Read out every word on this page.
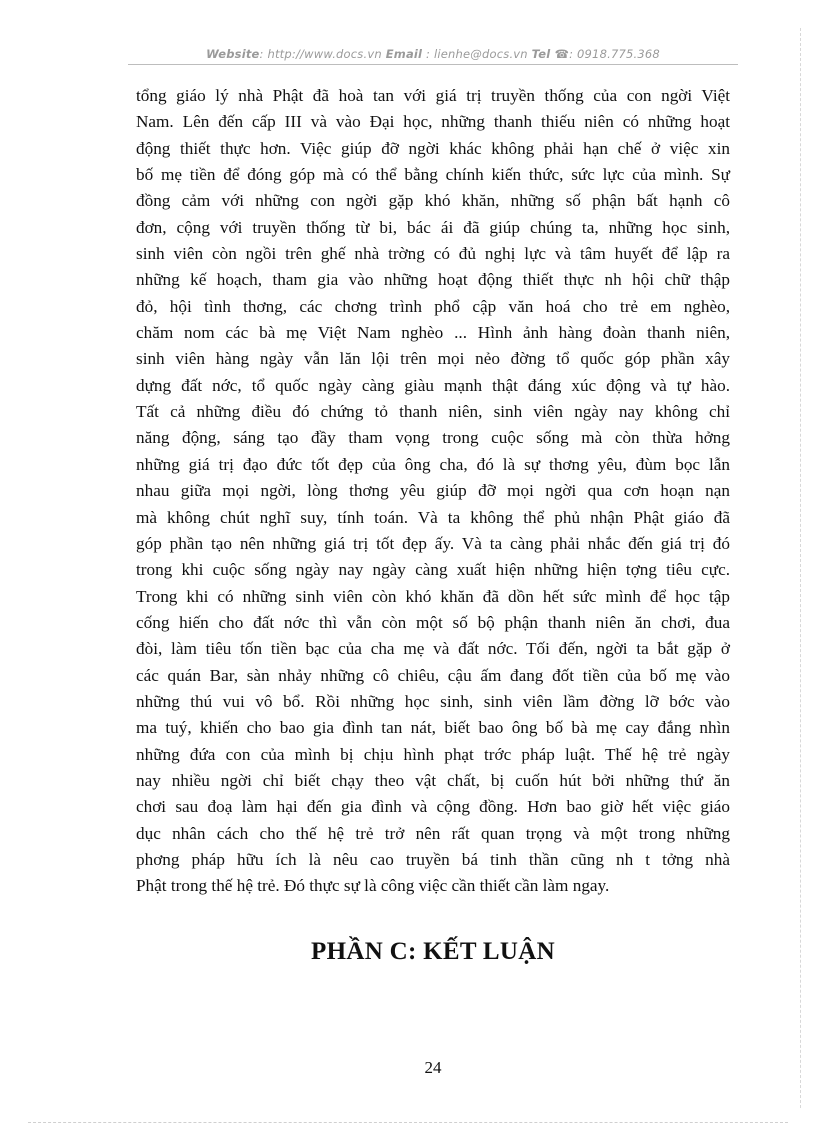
Website: http://www.docs.vn Email : lienhe@docs.vn Tel ☎: 0918.775.368
tổng giáo lý nhà Phật đã hoà tan với giá trị truyền thống của con ngời Việt
Nam. Lên đến cấp III và vào Đại học, những thanh thiếu niên có những hoạt
động thiết thực hơn. Việc giúp đỡ ngời khác không phải hạn chế ở việc xin
bố mẹ tiền để đóng góp mà có thể bằng chính kiến thức, sức lực của mình. Sự
đồng cảm với những con ngời gặp khó khăn, những số phận bất hạnh cô
đơn, cộng với truyền thống từ bi, bác ái đã giúp chúng ta, những học sinh,
sinh viên còn ngồi trên ghế nhà trờng có đủ nghị lực và tâm huyết để lập ra
những kế hoạch, tham gia vào những hoạt động thiết thực nh hội chữ thập
đỏ, hội tình thơng, các chơng trình phổ cập văn hoá cho trẻ em nghèo,
chăm nom các bà mẹ Việt Nam nghèo ... Hình ảnh hàng đoàn thanh niên,
sinh viên hàng ngày vẫn lăn lội trên mọi nẻo đờng tổ quốc góp phần xây
dựng đất nớc, tổ quốc ngày càng giàu mạnh thật đáng xúc động và tự hào.
Tất cả những điều đó chứng tỏ thanh niên, sinh viên ngày nay không chỉ
năng động, sáng tạo đầy tham vọng trong cuộc sống mà còn thừa hởng
những giá trị đạo đức tốt đẹp của ông cha, đó là sự thơng yêu, đùm bọc lẫn
nhau giữa mọi ngời, lòng thơng yêu giúp đỡ mọi ngời qua cơn hoạn nạn
mà không chút nghĩ suy, tính toán. Và ta không thể phủ nhận Phật giáo đã
góp phần tạo nên những giá trị tốt đẹp ấy. Và ta càng phải nhắc đến giá trị đó
trong khi cuộc sống ngày nay ngày càng xuất hiện những hiện tợng tiêu cực.
Trong khi có những sinh viên còn khó khăn đã dồn hết sức mình để học tập
cống hiến cho đất nớc thì vẫn còn một số bộ phận thanh niên ăn chơi, đua
đòi, làm tiêu tốn tiền bạc của cha mẹ và đất nớc. Tối đến, ngời ta bắt gặp ở
các quán Bar, sàn nhảy những cô chiêu, cậu ấm đang đốt tiền của bố mẹ vào
những thú vui vô bổ. Rồi những học sinh, sinh viên lầm đờng lỡ bớc vào
ma tuý, khiến cho bao gia đình tan nát, biết bao ông bố bà mẹ cay đắng nhìn
những đứa con của mình bị chịu hình phạt trớc pháp luật. Thế hệ trẻ ngày
nay nhiều ngời chỉ biết chạy theo vật chất, bị cuốn hút bởi những thứ ăn
chơi sau đoạ làm hại đến gia đình và cộng đồng. Hơn bao giờ hết việc giáo
dục nhân cách cho thế hệ trẻ trở nên rất quan trọng và một trong những
phơng pháp hữu ích là nêu cao truyền bá tinh thần cũng nh t tởng nhà
Phật trong thế hệ trẻ. Đó thực sự là công việc cần thiết cần làm ngay.
PHẦN C: KẾT LUẬN
24
